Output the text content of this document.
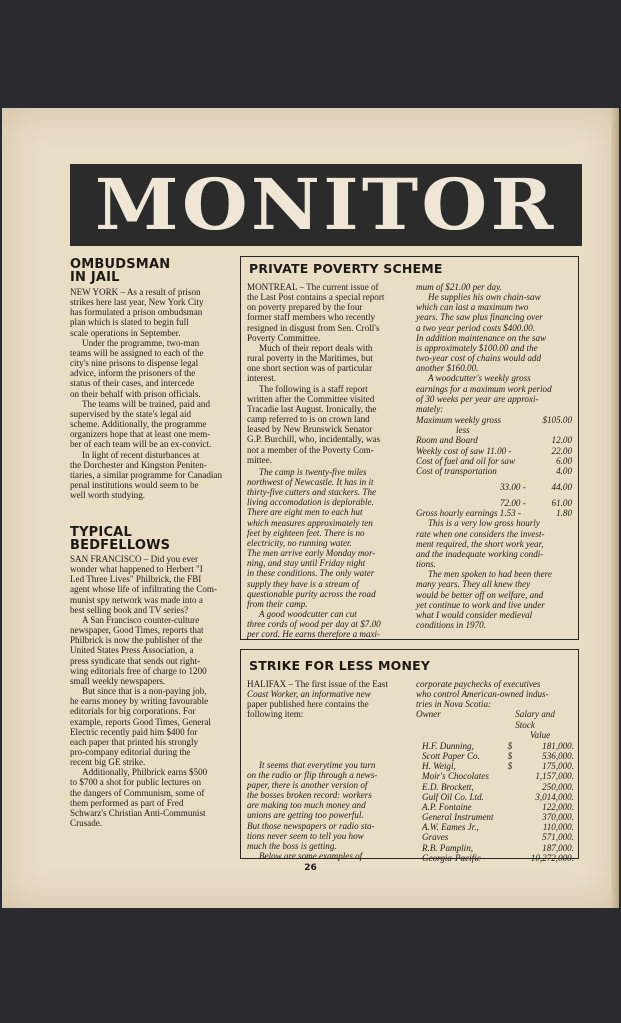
MONITOR
OMBUDSMAN
IN JAIL

NEW YORK – As a result of prison

strikes here last year, New York City

has formulated a prison ombudsman

plan which is slated to begin full

scale operations in September.

Under the programme, two-man

teams will be assigned to each of the

city's nine prisons to dispense legal

advice, inform the prisoners of the

status of their cases, and intercede

on their behalf with prison officials.

The teams will be trained, paid and

supervised by the state's legal aid

scheme. Additionally, the programme

organizers hope that at least one mem-

ber of each team will be an ex-convict.

In light of recent disturbances at

the Dorchester and Kingston Peniten-

tiaries, a similar programme for Canadian

penal institutions would seem to be

well worth studying.

TYPICAL
BEDFELLOWS

SAN FRANCISCO – Did you ever

wonder what happened to Herbert "I

Led Three Lives" Philbrick, the FBI

agent whose life of infiltrating the Com-

munist spy network was made into a

best selling book and TV series?

A San Francisco counter-culture

newspaper, Good Times, reports that

Philbrick is now the publisher of the

United States Press Association, a

press syndicate that sends out right-

wing editorials free of charge to 1200

small weekly newspapers.

But since that is a non-paying job,

he earns money by writing favourable

editorials for big corporations. For

example, reports Good Times, General

Electric recently paid him $400 for

each paper that printed his strongly

pro-company editorial during the

recent big GE strike.

Additionally, Philbrick earns $500

to $700 a shot for public lectures on

the dangers of Communism, some of

them performed as part of Fred

Schwarz's Christian Anti-Communist

Crusade.

PRIVATE POVERTY SCHEME

MONTREAL – The current issue of

the Last Post contains a special report

on poverty prepared by the four

former staff members who recently

resigned in disgust from Sen. Croll's

Poverty Committee.

Much of their report deals with

rural poverty in the Maritimes, but

one short section was of particular

interest.

The following is a staff report

written after the Committee visited

Tracadie last August. Ironically, the

camp referred to is on crown land

leased by New Brunswick Senator

G.P. Burchill, who, incidentally, was

not a member of the Poverty Com-

mittee.

The camp is twenty-five miles

northwest of Newcastle. It has in it

thirty-five cutters and stackers. The

living accomodation is deplorable.

There are eight men to each hut

which measures approximately ten

feet by eighteen feet. There is no

electricity, no running water.

The men arrive early Monday mor-

ning, and stay until Friday night

in these conditions. The only water

supply they have is a stream of

questionable purity across the road

from their camp.

A good woodcutter can cut

three cords of wood per day at $7.00

per cord. He earns therefore a maxi-

mum of $21.00 per day.

He supplies his own chain-saw

which can last a maximum two

years. The saw plus financing over

a two year period costs $400.00.

In addition maintenance on the saw

is approximately $100.00 and the

two-year cost of chains would add

another $160.00.

A woodcutter's weekly gross

earnings for a maximum work period

of 30 weeks per year are approxi-

mately:

Maximum weekly gross	$105.00
less
Room and Board	12.00
Weekly cost of saw 11.00 -	22.00
Cost of fuel and oil for saw	6.00
Cost of transportation	4.00
33.00 -	44.00
72.00 -	61.00
Gross hourly earnings 1.53 -	1.80

This is a very low gross hourly

rate when one considers the invest-

ment required, the short work year,

and the inadequate working condi-

tions.

The men spoken to had been there

many years. They all knew they

would be better off on welfare, and

yet continue to work and live under

what I would consider medieval

conditions in 1970.

STRIKE FOR LESS MONEY

HALIFAX – The first issue of the East

Coast Worker, an informative new

paper published here contains the

following item:

It seems that everytime you turn

on the radio or flip through a news-

paper, there is another version of

the bosses broken record: workers

are making too much money and

unions are getting too powerful.

But those newspapers or radio sta-

tions never seem to tell you how

much the boss is getting.

Below are some examples of

corporate paychecks of executives

who control American-owned indus-

tries in Nova Scotia:

Owner	Salary and Stock
Value
H.F. Dunning,	$	181,000.
Scott Paper Co.	$	536,000.
H. Weigl,	$	175,000.
Moir's Chocolates	1,157,000.
E.D. Brockett,	250,000.
Gulf Oil Co. Ltd.	3,014,000.
A.P. Fontaine	122,000.
General Instrument	370,000.
A.W. Eames Jr.,	110,000.
Graves	571,000.
R.B. Pamplin,	187,000.
Georgia-Pacific	10,272,000.
26
